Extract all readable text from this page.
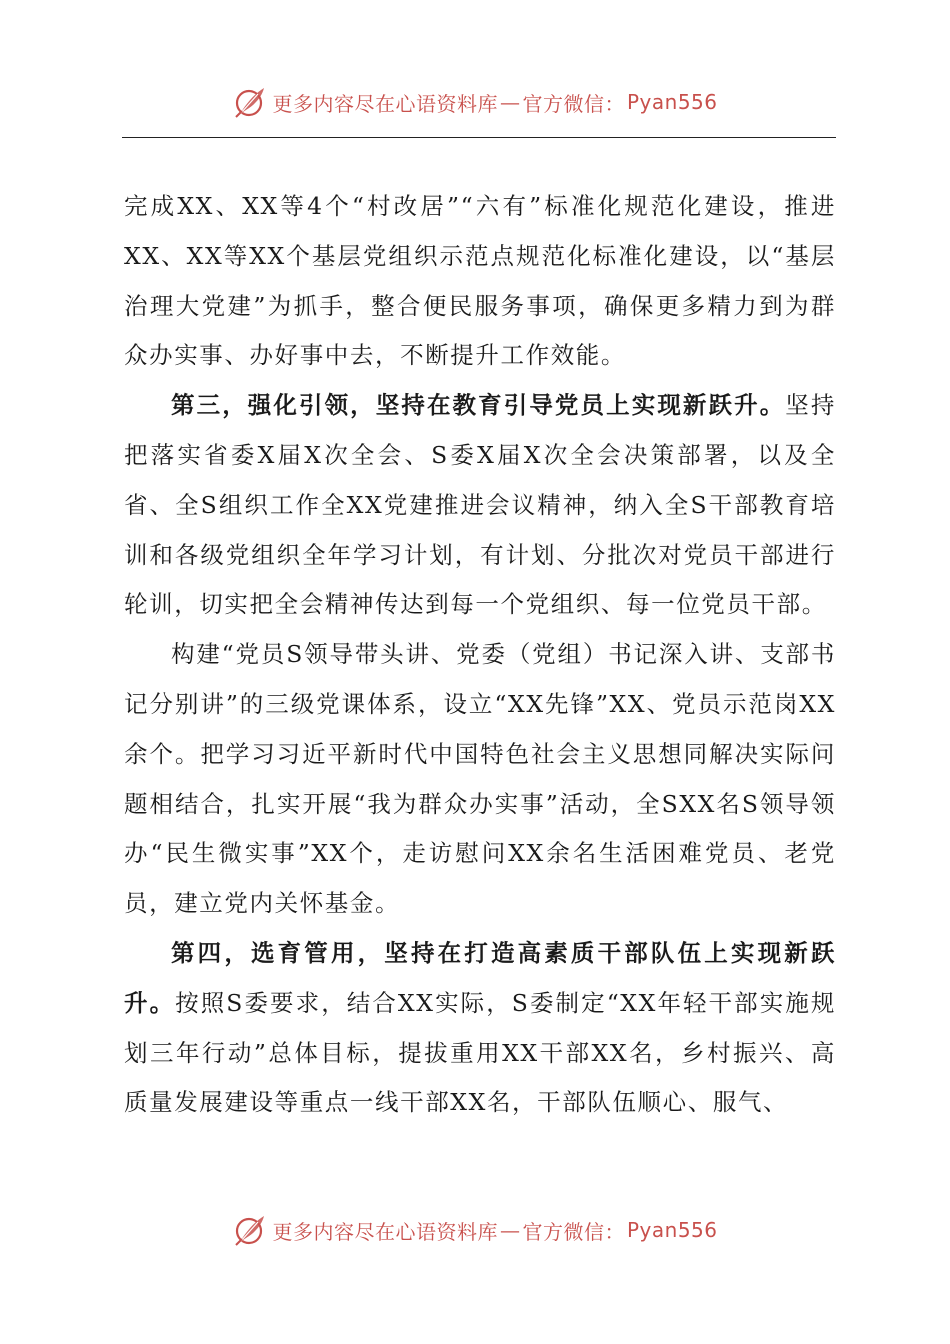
更多内容尽在心语资料库 — 官方微信： Pyan556

完成XX、XX等4个“村改居”“六有”标准化规范化建设，推进XX、XX等XX个基层党组织示范点规范化标准化建设，以“基层治理大党建”为抓手，整合便民服务事项，确保更多精力到为群众办实事、办好事中去，不断提升工作效能。

第三，强化引领，坚持在教育引导党员上实现新跃升。坚持把落实省委X届X次全会、S委X届X次全会决策部署，以及全省、全S组织工作全XX党建推进会议精神，纳入全S干部教育培训和各级党组织全年学习计划，有计划、分批次对党员干部进行轮训，切实把全会精神传达到每一个党组织、每一位党员干部。

构建“党员S领导带头讲、党委（党组）书记深入讲、支部书记分别讲”的三级党课体系，设立“XX先锋”XX、党员示范岗XX余个。把学习习近平新时代中国特色社会主义思想同解决实际问题相结合，扎实开展“我为群众办实事”活动，全SXX名S领导领办“民生微实事”XX个，走访慰问XX余名生活困难党员、老党员，建立党内关怀基金。

第四，选育管用，坚持在打造高素质干部队伍上实现新跃升。按照S委要求，结合XX实际，S委制定“XX年轻干部实施规划三年行动”总体目标，提拔重用XX干部XX名，乡村振兴、高质量发展建设等重点一线干部XX名，干部队伍顺心、服气、

更多内容尽在心语资料库 — 官方微信： Pyan556
